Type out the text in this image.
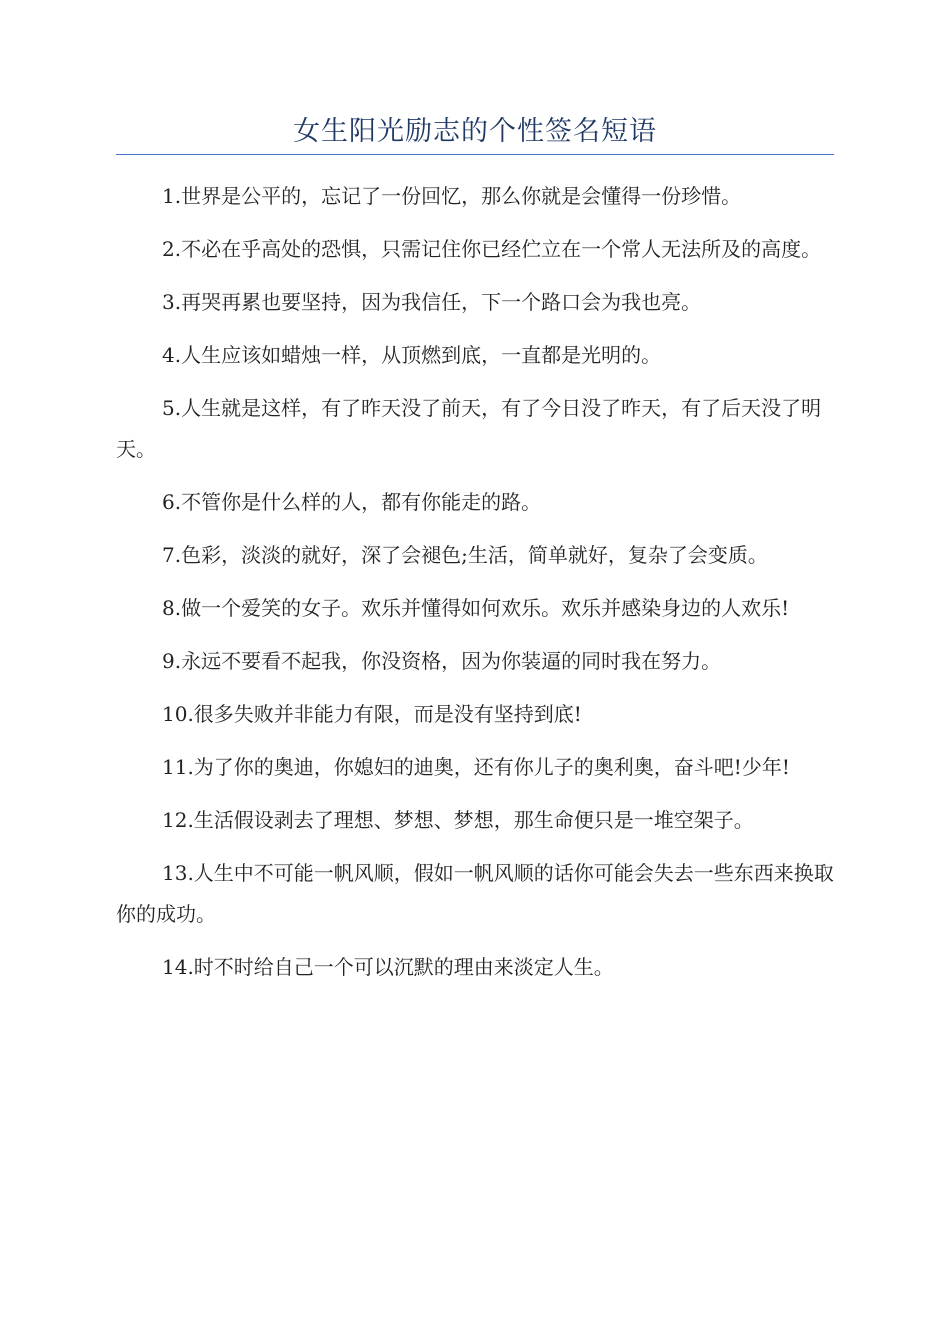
女生阳光励志的个性签名短语

1.世界是公平的，忘记了一份回忆，那么你就是会懂得一份珍惜。

2.不必在乎高处的恐惧，只需记住你已经伫立在一个常人无法所及的高度。

3.再哭再累也要坚持，因为我信任，下一个路口会为我也亮。

4.人生应该如蜡烛一样，从顶燃到底，一直都是光明的。

5.人生就是这样，有了昨天没了前天，有了今日没了昨天，有了后天没了明天。

6.不管你是什么样的人，都有你能走的路。

7.色彩，淡淡的就好，深了会褪色;生活，简单就好，复杂了会变质。

8.做一个爱笑的女子。欢乐并懂得如何欢乐。欢乐并感染身边的人欢乐!

9.永远不要看不起我，你没资格，因为你装逼的同时我在努力。

10.很多失败并非能力有限，而是没有坚持到底!

11.为了你的奥迪，你媳妇的迪奥，还有你儿子的奥利奥，奋斗吧!少年!

12.生活假设剥去了理想、梦想、梦想，那生命便只是一堆空架子。

13.人生中不可能一帆风顺，假如一帆风顺的话你可能会失去一些东西来换取你的成功。

14.时不时给自己一个可以沉默的理由来淡定人生。
